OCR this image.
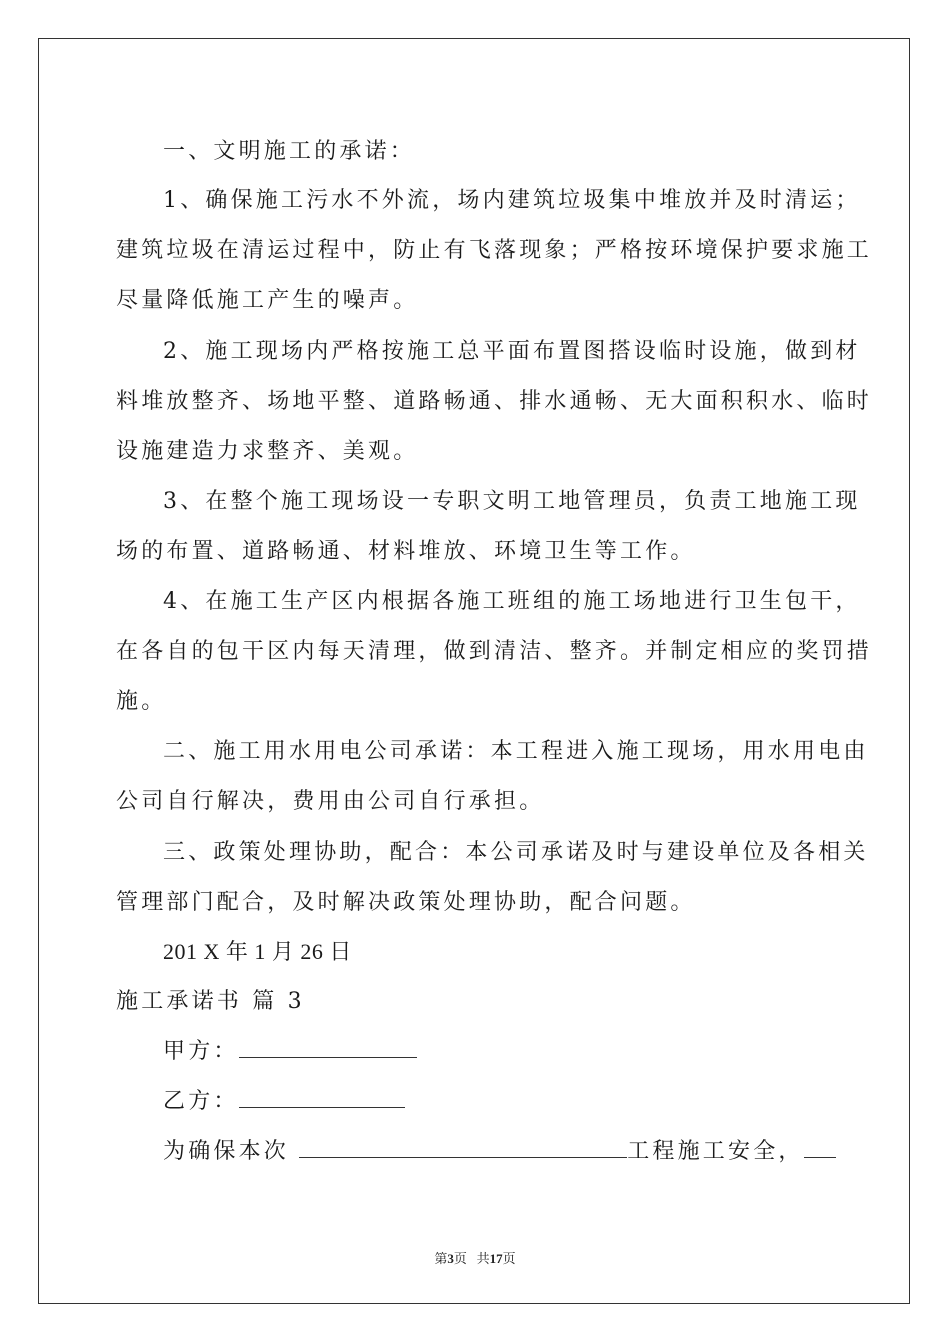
一、文明施工的承诺：
1、确保施工污水不外流，场内建筑垃圾集中堆放并及时清运；
建筑垃圾在清运过程中，防止有飞落现象；严格按环境保护要求施工
尽量降低施工产生的噪声。
2、施工现场内严格按施工总平面布置图搭设临时设施，做到材
料堆放整齐、场地平整、道路畅通、排水通畅、无大面积积水、临时
设施建造力求整齐、美观。
3、在整个施工现场设一专职文明工地管理员，负责工地施工现
场的布置、道路畅通、材料堆放、环境卫生等工作。
4、在施工生产区内根据各施工班组的施工场地进行卫生包干，
在各自的包干区内每天清理，做到清洁、整齐。并制定相应的奖罚措
施。
二、施工用水用电公司承诺：本工程进入施工现场，用水用电由
公司自行解决，费用由公司自行承担。
三、政策处理协助，配合：本公司承诺及时与建设单位及各相关
管理部门配合，及时解决政策处理协助，配合问题。
201 X 年 1 月 26 日
施工承诺书 篇 3
甲方：
乙方：
为确保本次	工程施工安全，
第3页 共17页
